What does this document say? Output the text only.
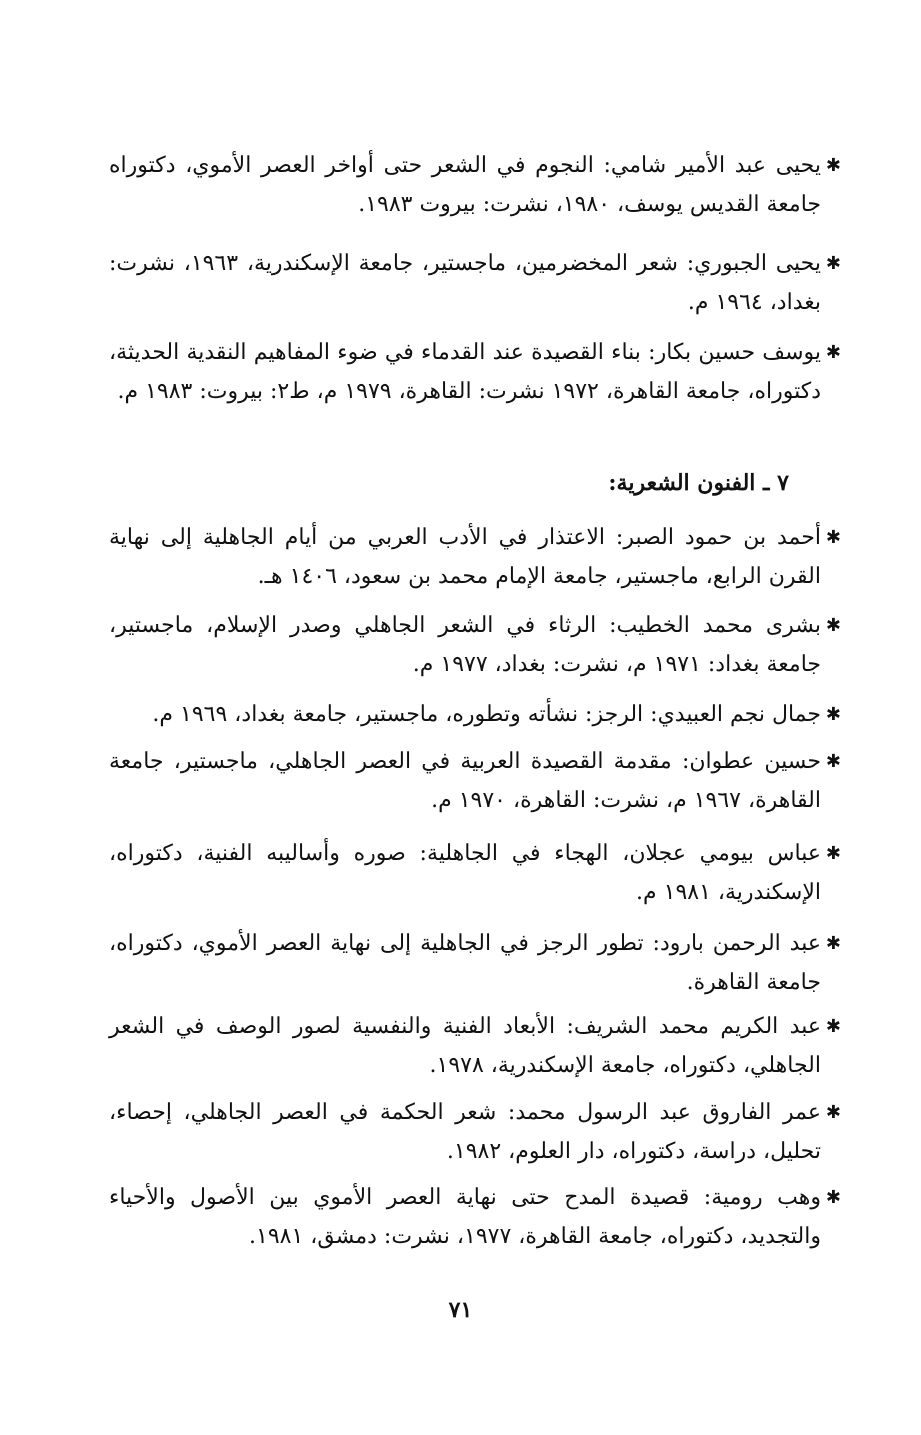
✱
يحيى عبد الأمير شامي: النجوم في الشعر حتى أواخر العصر الأموي، دكتوراه جامعة القديس يوسف، ١٩٨٠، نشرت: بيروت ١٩٨٣.
✱
يحيى الجبوري: شعر المخضرمين، ماجستير، جامعة الإسكندرية، ١٩٦٣، نشرت: بغداد، ١٩٦٤ م.
✱
يوسف حسين بكار: بناء القصيدة عند القدماء في ضوء المفاهيم النقدية الحديثة، دكتوراه، جامعة القاهرة، ١٩٧٢ نشرت: القاهرة، ١٩٧٩ م، ط٢: بيروت: ١٩٨٣ م.
٧ ـ الفنون الشعرية:
✱
أحمد بن حمود الصبر: الاعتذار في الأدب العربي من أيام الجاهلية إلى نهاية القرن الرابع، ماجستير، جامعة الإمام محمد بن سعود، ١٤٠٦ هـ.
✱
بشرى محمد الخطيب: الرثاء في الشعر الجاهلي وصدر الإسلام، ماجستير، جامعة بغداد: ١٩٧١ م، نشرت: بغداد، ١٩٧٧ م.
✱
جمال نجم العبيدي: الرجز: نشأته وتطوره، ماجستير، جامعة بغداد، ١٩٦٩ م.
✱
حسين عطوان: مقدمة القصيدة العربية في العصر الجاهلي، ماجستير، جامعة القاهرة، ١٩٦٧ م، نشرت: القاهرة، ١٩٧٠ م.
✱
عباس بيومي عجلان، الهجاء في الجاهلية: صوره وأساليبه الفنية، دكتوراه، الإسكندرية، ١٩٨١ م.
✱
عبد الرحمن بارود: تطور الرجز في الجاهلية إلى نهاية العصر الأموي، دكتوراه، جامعة القاهرة.
✱
عبد الكريم محمد الشريف: الأبعاد الفنية والنفسية لصور الوصف في الشعر الجاهلي، دكتوراه، جامعة الإسكندرية، ١٩٧٨.
✱
عمر الفاروق عبد الرسول محمد: شعر الحكمة في العصر الجاهلي، إحصاء، تحليل، دراسة، دكتوراه، دار العلوم، ١٩٨٢.
✱
وهب رومية: قصيدة المدح حتى نهاية العصر الأموي بين الأصول والأحياء والتجديد، دكتوراه، جامعة القاهرة، ١٩٧٧، نشرت: دمشق، ١٩٨١.
٧١
